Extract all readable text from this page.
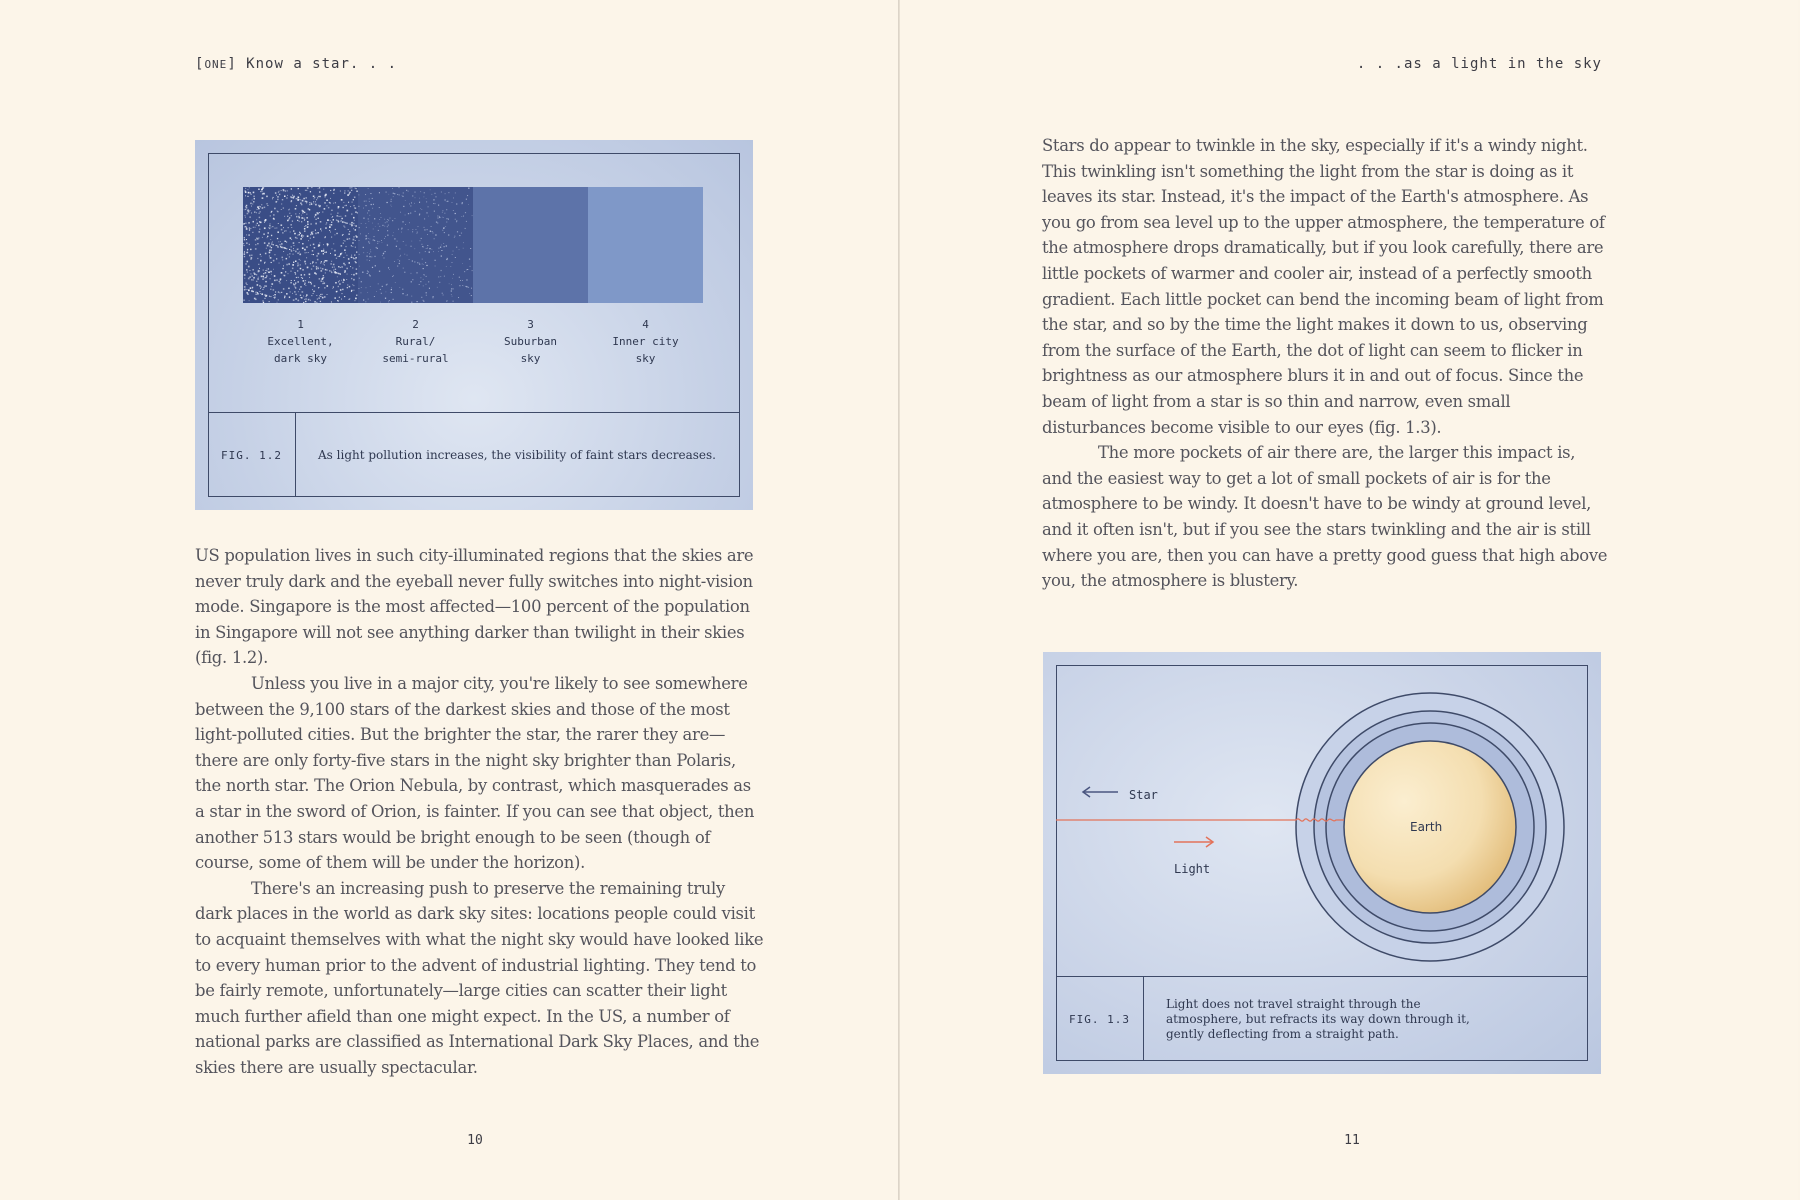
[ONE] Know a star. . .
1
Excellent,
dark sky
2
Rural/
semi-rural
3
Suburban
sky
4
Inner city
sky
FIG. 1.2	As light pollution increases, the visibility of faint stars decreases.

US population lives in such city-illuminated regions that the skies are never truly dark and the eyeball never fully switches into night-vision mode. Singapore is the most affected—100 percent of the population in Singapore will not see anything darker than twilight in their skies (fig. 1.2).

Unless you live in a major city, you're likely to see somewhere between the 9,100 stars of the darkest skies and those of the most light-polluted cities. But the brighter the star, the rarer they are—there are only forty-five stars in the night sky brighter than Polaris, the north star. The Orion Nebula, by contrast, which masquerades as a star in the sword of Orion, is fainter. If you can see that object, then another 513 stars would be bright enough to be seen (though of course, some of them will be under the horizon).

There's an increasing push to preserve the remaining truly dark places in the world as dark sky sites: locations people could visit to acquaint themselves with what the night sky would have looked like to every human prior to the advent of industrial lighting. They tend to be fairly remote, unfortunately—large cities can scatter their light much further afield than one might expect. In the US, a number of national parks are classified as International Dark Sky Places, and the skies there are usually spectacular.

10
. . .as a light in the sky

Stars do appear to twinkle in the sky, especially if it's a windy night. This twinkling isn't something the light from the star is doing as it leaves its star. Instead, it's the impact of the Earth's atmosphere. As you go from sea level up to the upper atmosphere, the temperature of the atmosphere drops dramatically, but if you look carefully, there are little pockets of warmer and cooler air, instead of a perfectly smooth gradient. Each little pocket can bend the incoming beam of light from the star, and so by the time the light makes it down to us, observing from the surface of the Earth, the dot of light can seem to flicker in brightness as our atmosphere blurs it in and out of focus. Since the beam of light from a star is so thin and narrow, even small disturbances become visible to our eyes (fig. 1.3).

The more pockets of air there are, the larger this impact is, and the easiest way to get a lot of small pockets of air is for the atmosphere to be windy. It doesn't have to be windy at ground level, and it often isn't, but if you see the stars twinkling and the air is still where you are, then you can have a pretty good guess that high above you, the atmosphere is blustery.

Star
Light
Earth
FIG. 1.3
Light does not travel straight through the atmosphere, but refracts its way down through it, gently deflecting from a straight path.
11
